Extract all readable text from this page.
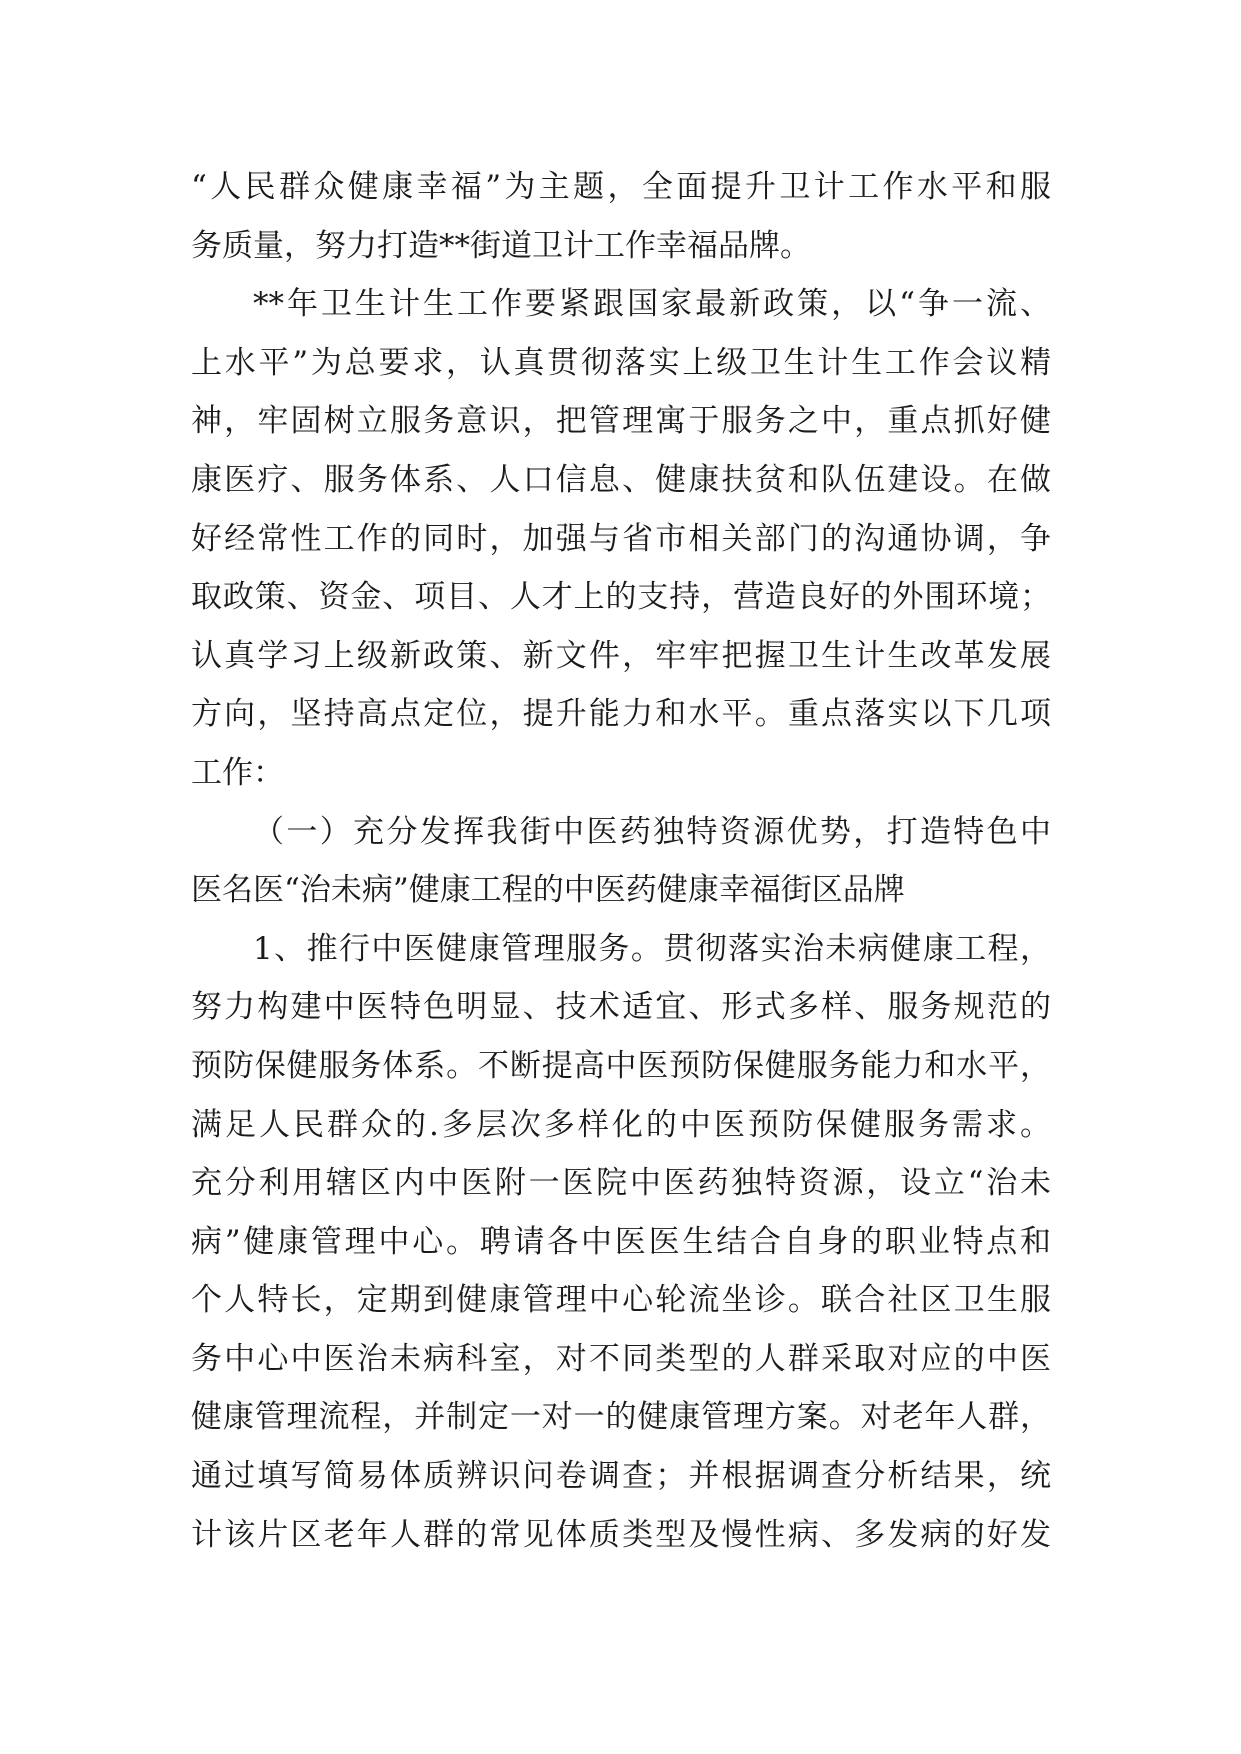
“人民群众健康幸福”为主题，全面提升卫计工作水平和服
务质量，努力打造**街道卫计工作幸福品牌。
**年卫生计生工作要紧跟国家最新政策，以“争一流、
上水平”为总要求，认真贯彻落实上级卫生计生工作会议精
神，牢固树立服务意识，把管理寓于服务之中，重点抓好健
康医疗、服务体系、人口信息、健康扶贫和队伍建设。在做
好经常性工作的同时，加强与省市相关部门的沟通协调，争
取政策、资金、项目、人才上的支持，营造良好的外围环境；
认真学习上级新政策、新文件，牢牢把握卫生计生改革发展
方向，坚持高点定位，提升能力和水平。重点落实以下几项
工作：
（一）充分发挥我街中医药独特资源优势，打造特色中
医名医“治未病”健康工程的中医药健康幸福街区品牌
1、推行中医健康管理服务。贯彻落实治未病健康工程，
努力构建中医特色明显、技术适宜、形式多样、服务规范的
预防保健服务体系。不断提高中医预防保健服务能力和水平，
满足人民群众的.多层次多样化的中医预防保健服务需求。
充分利用辖区内中医附一医院中医药独特资源，设立“治未
病”健康管理中心。聘请各中医医生结合自身的职业特点和
个人特长，定期到健康管理中心轮流坐诊。联合社区卫生服
务中心中医治未病科室，对不同类型的人群采取对应的中医
健康管理流程，并制定一对一的健康管理方案。对老年人群，
通过填写简易体质辨识问卷调查；并根据调查分析结果，统
计该片区老年人群的常见体质类型及慢性病、多发病的好发
